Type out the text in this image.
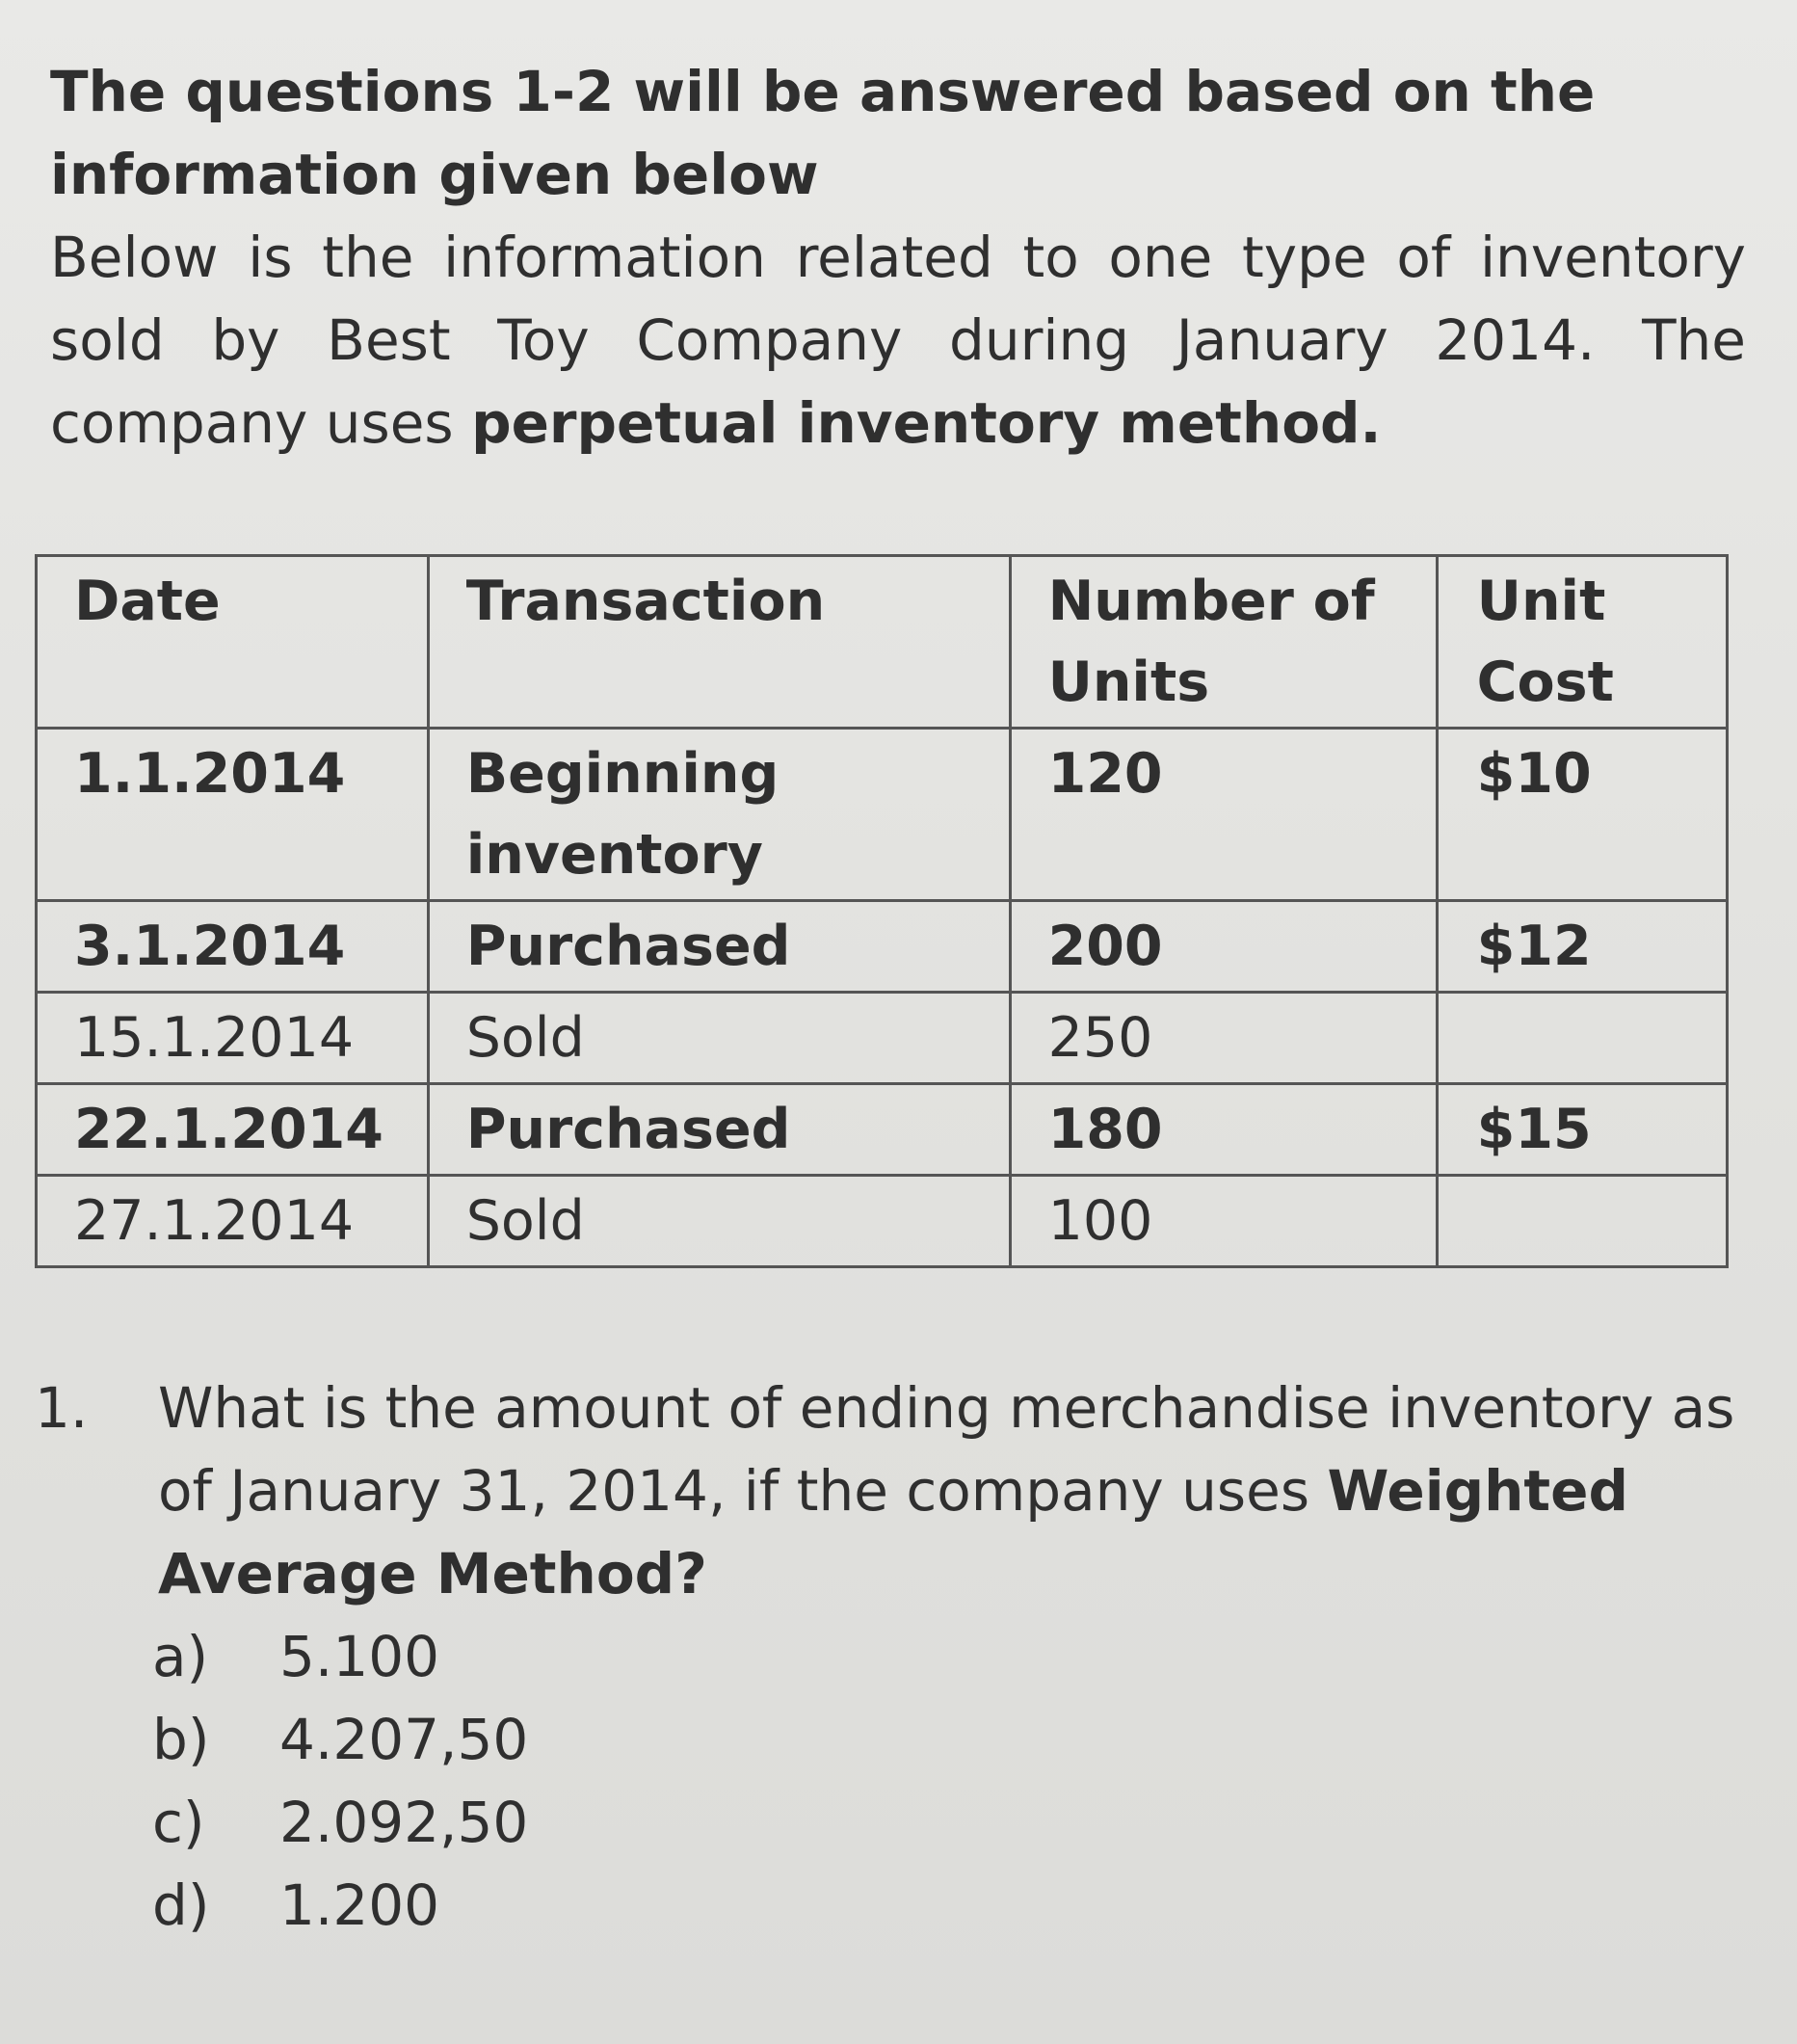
The questions 1-2 will be answered based on the information given below
Below is the information related to one type of inventory sold by Best Toy Company during January 2014. The company uses perpetual inventory method.
Date	Transaction	Number of Units	Unit Cost
1.1.2014	Beginning inventory	120	$10
3.1.2014	Purchased	200	$12
15.1.2014	Sold	250	
22.1.2014	Purchased	180	$15
27.1.2014	Sold	100	
1. What is the amount of ending merchandise inventory as of January 31, 2014, if the company uses Weighted Average Method?
a)	5.100
b)	4.207,50
c)	2.092,50
d)	1.200
